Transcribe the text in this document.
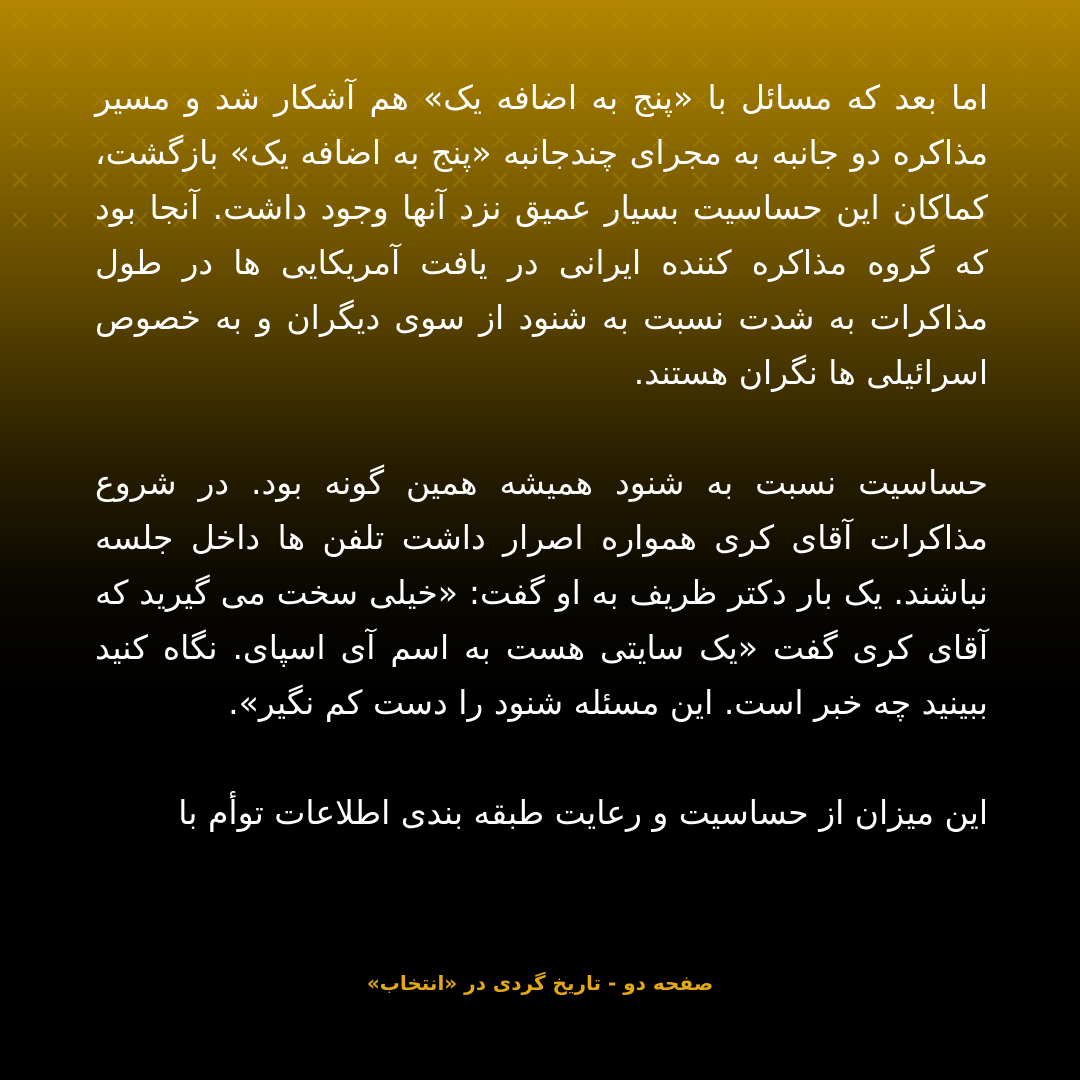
اما بعد که مسائل با «پنج به اضافه یک» هم آشکار شد و مسیر مذاکره دو جانبه به مجرای چندجانبه «پنج به اضافه یک» بازگشت، کماکان این حساسیت بسیار عمیق نزد آنها وجود داشت. آنجا بود که گروه مذاکره کننده ایرانی در یافت آمریکایی ها در طول مذاکرات به شدت نسبت به شنود از سوی دیگران و به خصوص اسرائیلی ها نگران هستند.

حساسیت نسبت به شنود همیشه همین گونه بود. در شروع مذاکرات آقای کری همواره اصرار داشت تلفن ها داخل جلسه نباشند. یک بار دکتر ظریف به او گفت: «خیلی سخت می گیرید که آقای کری گفت «یک سایتی هست به اسم آی اسپای. نگاه کنید ببینید چه خبر است. این مسئله شنود را دست کم نگیر».

این میزان از حساسیت و رعایت طبقه بندی اطلاعات توأم با

صفحه دو - تاریخ گردی در «انتخاب»
